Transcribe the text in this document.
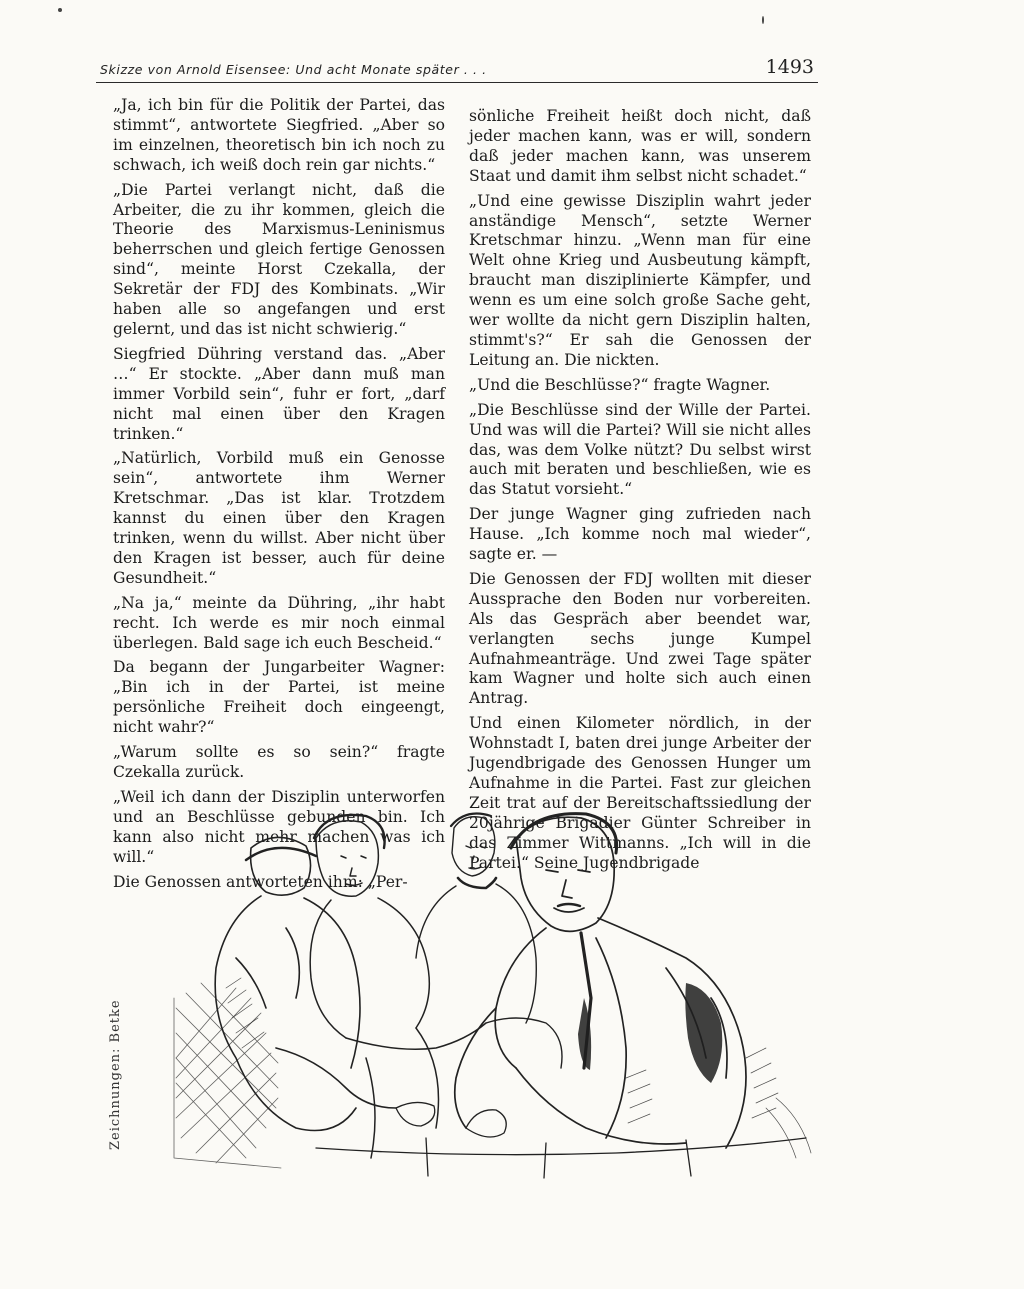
Skizze von Arnold Eisensee: Und acht Monate später . . .	1493

„Ja, ich bin für die Politik der Partei, das stimmt“, antwortete Siegfried. „Aber so im einzelnen, theoretisch bin ich noch zu schwach, ich weiß doch rein gar nichts.“

„Die Partei verlangt nicht, daß die Arbeiter, die zu ihr kommen, gleich die Theorie des Marxismus-Leninismus beherrschen und gleich fertige Genossen sind“, meinte Horst Czekalla, der Sekretär der FDJ des Kombinats. „Wir haben alle so angefangen und erst gelernt, und das ist nicht schwierig.“

Siegfried Dühring verstand das. „Aber …“ Er stockte. „Aber dann muß man immer Vorbild sein“, fuhr er fort, „darf nicht mal einen über den Kragen trinken.“

„Natürlich, Vorbild muß ein Genosse sein“, antwortete ihm Werner Kretschmar. „Das ist klar. Trotzdem kannst du einen über den Kragen trinken, wenn du willst. Aber nicht über den Kragen ist besser, auch für deine Gesundheit.“

„Na ja,“ meinte da Dühring, „ihr habt recht. Ich werde es mir noch einmal überlegen. Bald sage ich euch Bescheid.“

Da begann der Jungarbeiter Wagner: „Bin ich in der Partei, ist meine persönliche Freiheit doch eingeengt, nicht wahr?“

„Warum sollte es so sein?“ fragte Czekalla zurück.

„Weil ich dann der Disziplin unterworfen und an Beschlüsse gebunden bin. Ich kann also nicht mehr machen was ich will.“

Die Genossen antworteten ihm: „Per-

sönliche Freiheit heißt doch nicht, daß jeder machen kann, was er will, sondern daß jeder machen kann, was unserem Staat und damit ihm selbst nicht schadet.“

„Und eine gewisse Disziplin wahrt jeder anständige Mensch“, setzte Werner Kretschmar hinzu. „Wenn man für eine Welt ohne Krieg und Ausbeutung kämpft, braucht man disziplinierte Kämpfer, und wenn es um eine solch große Sache geht, wer wollte da nicht gern Disziplin halten, stimmt's?“ Er sah die Genossen der Leitung an. Die nickten.

„Und die Beschlüsse?“ fragte Wagner.

„Die Beschlüsse sind der Wille der Partei. Und was will die Partei? Will sie nicht alles das, was dem Volke nützt? Du selbst wirst auch mit beraten und beschließen, wie es das Statut vorsieht.“

Der junge Wagner ging zufrieden nach Hause. „Ich komme noch mal wieder“, sagte er. —

Die Genossen der FDJ wollten mit dieser Aussprache den Boden nur vorbereiten. Als das Gespräch aber beendet war, verlangten sechs junge Kumpel Aufnahmeanträge. Und zwei Tage später kam Wagner und holte sich auch einen Antrag.

Und einen Kilometer nördlich, in der Wohnstadt I, baten drei junge Arbeiter der Jugendbrigade des Genossen Hunger um Aufnahme in die Partei. Fast zur gleichen Zeit trat auf der Bereitschaftssiedlung der 20jährige Brigadier Günter Schreiber in das Zimmer Wittmanns. „Ich will in die Partei.“ Seine Jugendbrigade

Zeichnungen: Betke
